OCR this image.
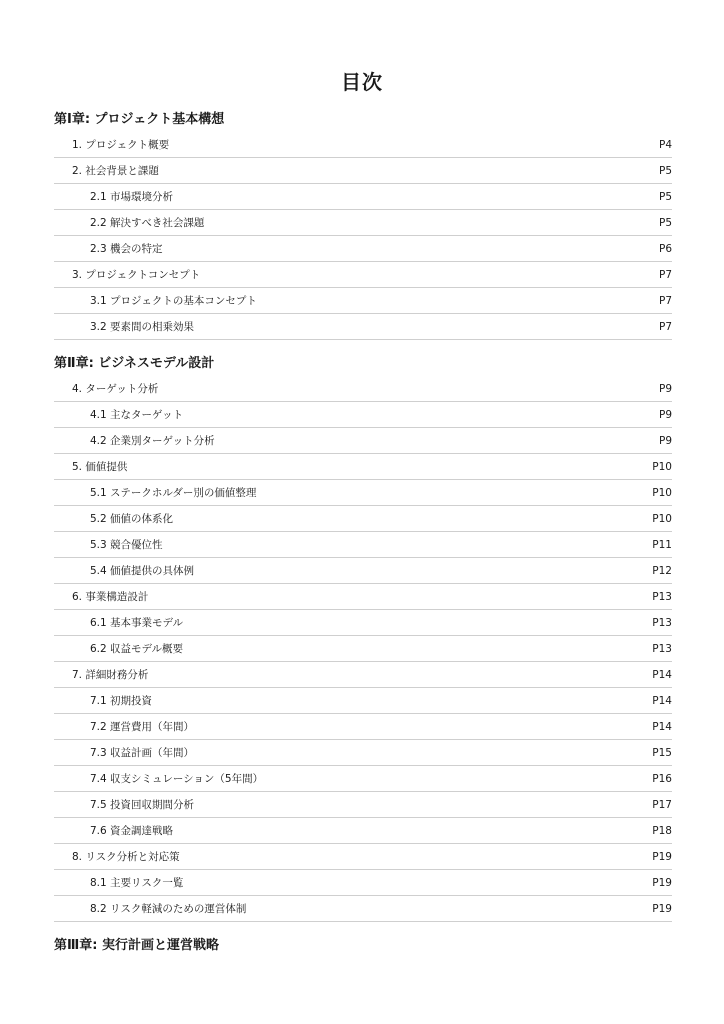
目次
第Ⅰ章: プロジェクト基本構想
1. プロジェクト概要	P4
2. 社会背景と課題	P5
2.1 市場環境分析	P5
2.2 解決すべき社会課題	P5
2.3 機会の特定	P6
3. プロジェクトコンセプト	P7
3.1 プロジェクトの基本コンセプト	P7
3.2 要素間の相乗効果	P7
第Ⅱ章: ビジネスモデル設計
4. ターゲット分析	P9
4.1 主なターゲット	P9
4.2 企業別ターゲット分析	P9
5. 価値提供	P10
5.1 ステークホルダー別の価値整理	P10
5.2 価値の体系化	P10
5.3 競合優位性	P11
5.4 価値提供の具体例	P12
6. 事業構造設計	P13
6.1 基本事業モデル	P13
6.2 収益モデル概要	P13
7. 詳細財務分析	P14
7.1 初期投資	P14
7.2 運営費用（年間）	P14
7.3 収益計画（年間）	P15
7.4 収支シミュレーション（5年間）	P16
7.5 投資回収期間分析	P17
7.6 資金調達戦略	P18
8. リスク分析と対応策	P19
8.1 主要リスク一覧	P19
8.2 リスク軽減のための運営体制	P19
第Ⅲ章: 実行計画と運営戦略
